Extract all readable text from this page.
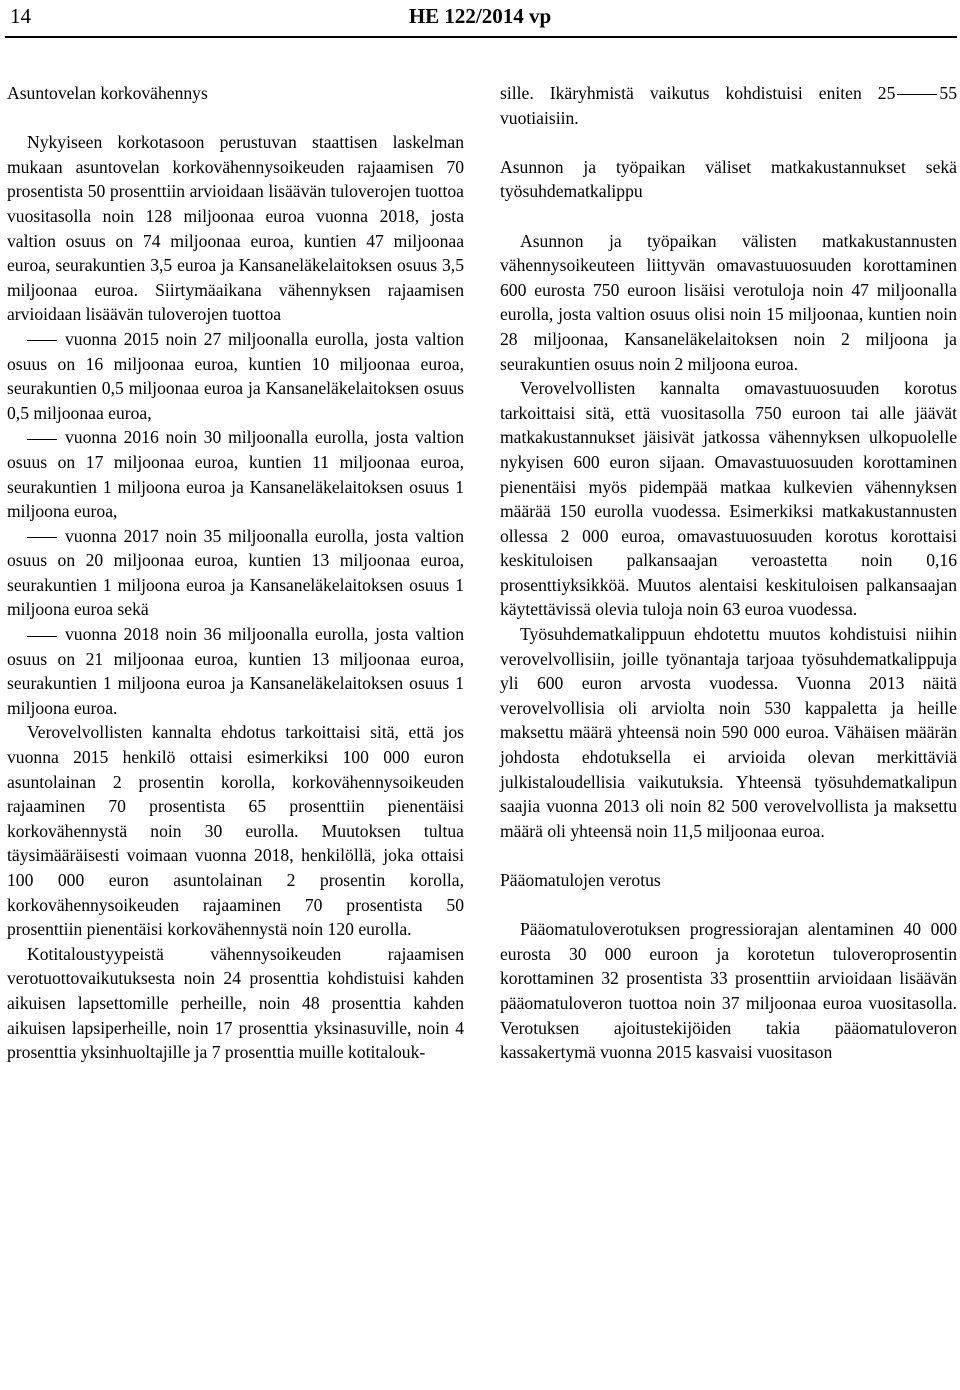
14	HE 122/2014 vp

Asuntovelan korkovähennys

Nykyiseen korkotasoon perustuvan staattisen laskelman mukaan asuntovelan korkovähennysoikeuden rajaamisen 70 prosentista 50 prosenttiin arvioidaan lisäävän tuloverojen tuottoa vuositasolla noin 128 miljoonaa euroa vuonna 2018, josta valtion osuus on 74 miljoonaa euroa, kuntien 47 miljoonaa euroa, seurakuntien 3,5 euroa ja Kansaneläkelaitoksen osuus 3,5 miljoonaa euroa. Siirtymäaikana vähennyksen rajaamisen arvioidaan lisäävän tuloverojen tuottoa

vuonna 2015 noin 27 miljoonalla eurolla, josta valtion osuus on 16 miljoonaa euroa, kuntien 10 miljoonaa euroa, seurakuntien 0,5 miljoonaa euroa ja Kansaneläkelaitoksen osuus 0,5 miljoonaa euroa,

vuonna 2016 noin 30 miljoonalla eurolla, josta valtion osuus on 17 miljoonaa euroa, kuntien 11 miljoonaa euroa, seurakuntien 1 miljoona euroa ja Kansaneläkelaitoksen osuus 1 miljoona euroa,

vuonna 2017 noin 35 miljoonalla eurolla, josta valtion osuus on 20 miljoonaa euroa, kuntien 13 miljoonaa euroa, seurakuntien 1 miljoona euroa ja Kansaneläkelaitoksen osuus 1 miljoona euroa sekä

vuonna 2018 noin 36 miljoonalla eurolla, josta valtion osuus on 21 miljoonaa euroa, kuntien 13 miljoonaa euroa, seurakuntien 1 miljoona euroa ja Kansaneläkelaitoksen osuus 1 miljoona euroa.

Verovelvollisten kannalta ehdotus tarkoittaisi sitä, että jos vuonna 2015 henkilö ottaisi esimerkiksi 100 000 euron asuntolainan 2 prosentin korolla, korkovähennysoikeuden rajaaminen 70 prosentista 65 prosenttiin pienentäisi korkovähennystä noin 30 eurolla. Muutoksen tultua täysimääräisesti voimaan vuonna 2018, henkilöllä, joka ottaisi 100 000 euron asuntolainan 2 prosentin korolla, korkovähennysoikeuden rajaaminen 70 prosentista 50 prosenttiin pienentäisi korkovähennystä noin 120 eurolla.

Kotitaloustyypeistä vähennysoikeuden rajaamisen verotuottovaikutuksesta noin 24 prosenttia kohdistuisi kahden aikuisen lapsettomille perheille, noin 48 prosenttia kahden aikuisen lapsiperheille, noin 17 prosenttia yksinasuville, noin 4 prosenttia yksinhuoltajille ja 7 prosenttia muille kotitalouk-

sille. Ikäryhmistä vaikutus kohdistuisi eniten 25	55 vuotiaisiin.

Asunnon ja työpaikan väliset matkakustannukset sekä työsuhdematkalippu

Asunnon ja työpaikan välisten matkakustannusten vähennysoikeuteen liittyvän omavastuuosuuden korottaminen 600 eurosta 750 euroon lisäisi verotuloja noin 47 miljoonalla eurolla, josta valtion osuus olisi noin 15 miljoonaa, kuntien noin 28 miljoonaa, Kansaneläkelaitoksen noin 2 miljoona ja seurakuntien osuus noin 2 miljoona euroa.

Verovelvollisten kannalta omavastuuosuuden korotus tarkoittaisi sitä, että vuositasolla 750 euroon tai alle jäävät matkakustannukset jäisivät jatkossa vähennyksen ulkopuolelle nykyisen 600 euron sijaan. Omavastuuosuuden korottaminen pienentäisi myös pidempää matkaa kulkevien vähennyksen määrää 150 eurolla vuodessa. Esimerkiksi matkakustannusten ollessa 2 000 euroa, omavastuuosuuden korotus korottaisi keskituloisen palkansaajan veroastetta noin 0,16 prosenttiyksikköä. Muutos alentaisi keskituloisen palkansaajan käytettävissä olevia tuloja noin 63 euroa vuodessa.

Työsuhdematkalippuun ehdotettu muutos kohdistuisi niihin verovelvollisiin, joille työnantaja tarjoaa työsuhdematkalippuja yli 600 euron arvosta vuodessa. Vuonna 2013 näitä verovelvollisia oli arviolta noin 530 kappaletta ja heille maksettu määrä yhteensä noin 590 000 euroa. Vähäisen määrän johdosta ehdotuksella ei arvioida olevan merkittäviä julkistaloudellisia vaikutuksia. Yhteensä työsuhdematkalipun saajia vuonna 2013 oli noin 82 500 verovelvollista ja maksettu määrä oli yhteensä noin 11,5 miljoonaa euroa.

Pääomatulojen verotus

Pääomatuloverotuksen progressiorajan alentaminen 40 000 eurosta 30 000 euroon ja korotetun tuloveroprosentin korottaminen 32 prosentista 33 prosenttiin arvioidaan lisäävän pääomatuloveron tuottoa noin 37 miljoonaa euroa vuositasolla. Verotuksen ajoitustekijöiden takia pääomatuloveron kassakertymä vuonna 2015 kasvaisi vuositason
